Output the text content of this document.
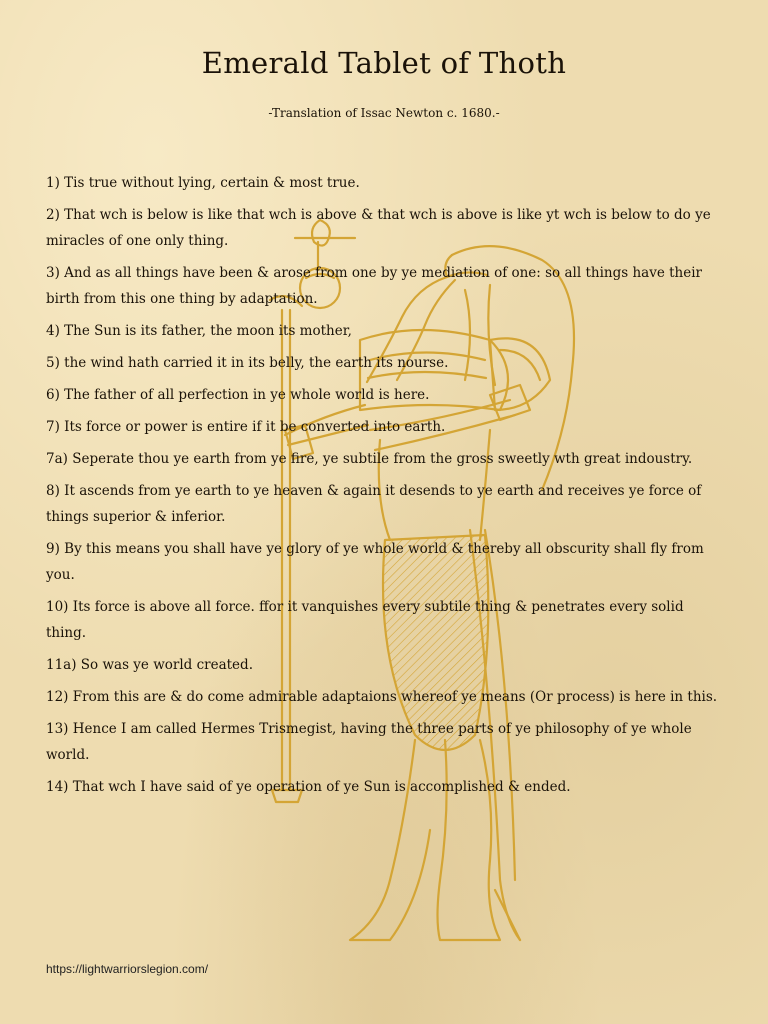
Emerald Tablet of Thoth
-Translation of Issac Newton c. 1680.-

1) Tis true without lying, certain & most true.

2) That wch is below is like that wch is above & that wch is above is like yt wch is below to do ye miracles of one only thing.

3) And as all things have been & arose from one by ye mediation of one: so all things have their birth from this one thing by adaptation.

4) The Sun is its father, the moon its mother,

5) the wind hath carried it in its belly, the earth its nourse.

6) The father of all perfection in ye whole world is here.

7) Its force or power is entire if it be converted into earth.

7a) Seperate thou ye earth from ye fire, ye subtile from the gross sweetly wth great indoustry.

8) It ascends from ye earth to ye heaven & again it desends to ye earth and receives ye force of things superior & inferior.

9) By this means you shall have ye glory of ye whole world & thereby all obscurity shall fly from you.

10) Its force is above all force. ffor it vanquishes every subtile thing & penetrates every solid thing.

11a) So was ye world created.

12) From this are & do come admirable adaptaions whereof ye means (Or process) is here in this.

13) Hence I am called Hermes Trismegist, having the three parts of ye philosophy of ye whole world.

14) That wch I have said of ye operation of ye Sun is accomplished & ended.

https://lightwarriorslegion.com/
